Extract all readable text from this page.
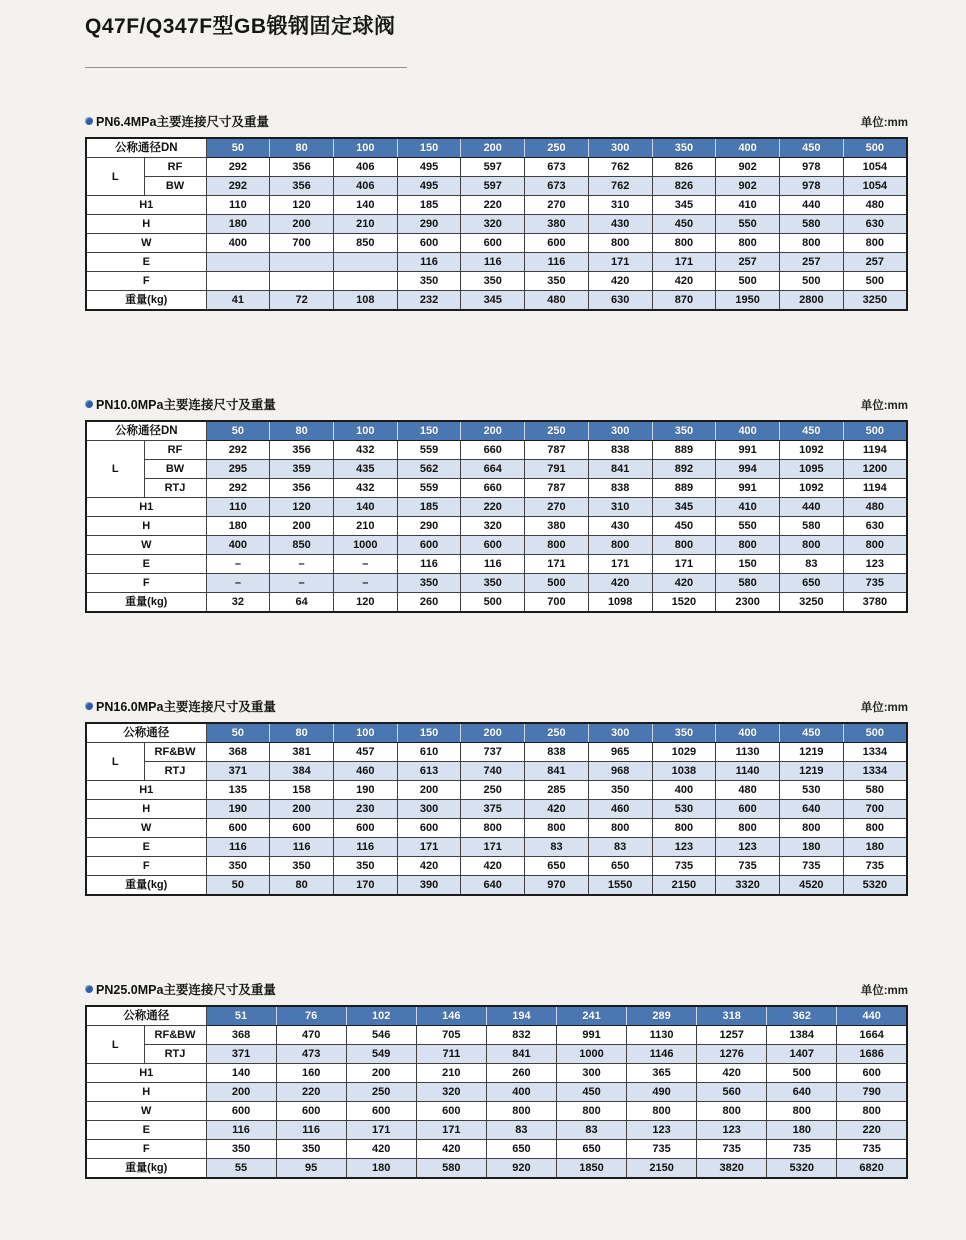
Q47F/Q347F型GB锻钢固定球阀
PN6.4MPa主要连接尺寸及重量	单位:mm
公称通径DN		50	80	100	150	200	250	300	350	400	450	500
L	RF	292	356	406	495	597	673	762	826	902	978	1054
	BW	292	356	406	495	597	673	762	826	902	978	1054
H1		110	120	140	185	220	270	310	345	410	440	480
H		180	200	210	290	320	380	430	450	550	580	630
W		400	700	850	600	600	600	800	800	800	800	800
E					116	116	116	171	171	257	257	257
F					350	350	350	420	420	500	500	500
重量(kg)		41	72	108	232	345	480	630	870	1950	2800	3250
PN10.0MPa主要连接尺寸及重量	单位:mm
公称通径DN		50	80	100	150	200	250	300	350	400	450	500
L	RF	292	356	432	559	660	787	838	889	991	1092	1194
	BW	295	359	435	562	664	791	841	892	994	1095	1200
	RTJ	292	356	432	559	660	787	838	889	991	1092	1194
H1		110	120	140	185	220	270	310	345	410	440	480
H		180	200	210	290	320	380	430	450	550	580	630
W		400	850	1000	600	600	800	800	800	800	800	800
E		–	–	–	116	116	171	171	171	150	83	123
F		–	–	–	350	350	500	420	420	580	650	735
重量(kg)		32	64	120	260	500	700	1098	1520	2300	3250	3780
PN16.0MPa主要连接尺寸及重量	单位:mm
公称通径		50	80	100	150	200	250	300	350	400	450	500
L	RF&BW	368	381	457	610	737	838	965	1029	1130	1219	1334
	RTJ	371	384	460	613	740	841	968	1038	1140	1219	1334
H1		135	158	190	200	250	285	350	400	480	530	580
H		190	200	230	300	375	420	460	530	600	640	700
W		600	600	600	600	800	800	800	800	800	800	800
E		116	116	116	171	171	83	83	123	123	180	180
F		350	350	350	420	420	650	650	735	735	735	735
重量(kg)		50	80	170	390	640	970	1550	2150	3320	4520	5320
PN25.0MPa主要连接尺寸及重量	单位:mm
公称通径		51	76	102	146	194	241	289	318	362	440
L	RF&BW	368	470	546	705	832	991	1130	1257	1384	1664
	RTJ	371	473	549	711	841	1000	1146	1276	1407	1686
H1		140	160	200	210	260	300	365	420	500	600
H		200	220	250	320	400	450	490	560	640	790
W		600	600	600	600	800	800	800	800	800	800
E		116	116	171	171	83	83	123	123	180	220
F		350	350	420	420	650	650	735	735	735	735
重量(kg)		55	95	180	580	920	1850	2150	3820	5320	6820
